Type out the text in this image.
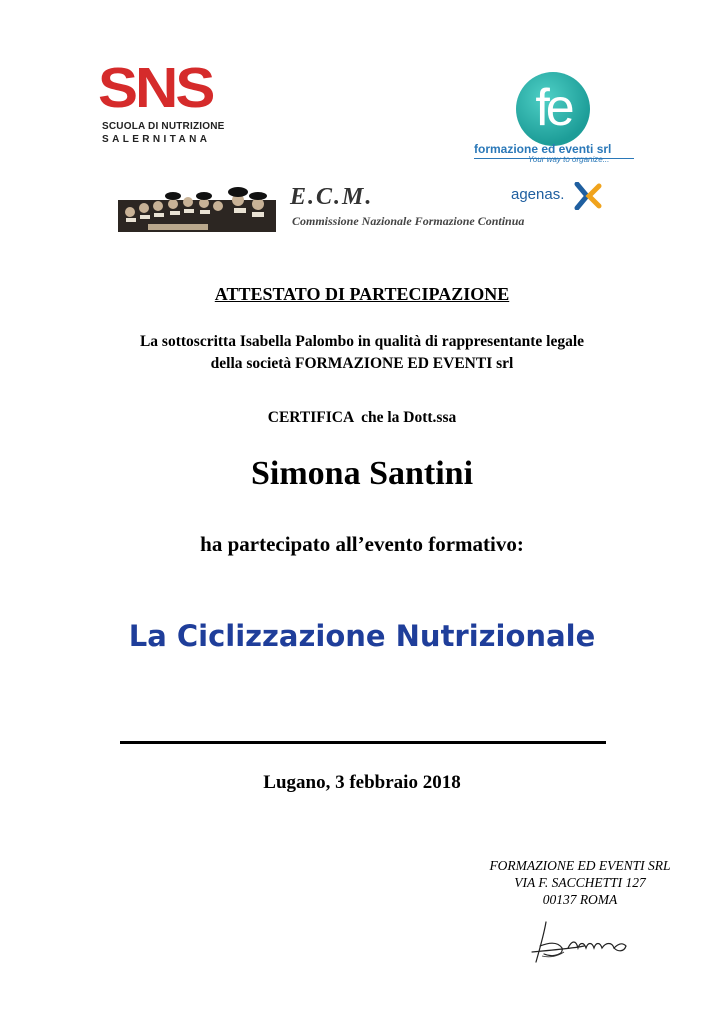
SNS
SCUOLA DI NUTRIZIONE
SALERNITANA
fe
formazione ed eventi srl
Your way to organize...
E.C.M.
Commissione Nazionale Formazione Continua
agenas.
ATTESTATO DI PARTECIPAZIONE
La sottoscritta Isabella Palombo in qualità di rappresentante legale
della società FORMAZIONE ED EVENTI srl
CERTIFICA  che la Dott.ssa
Simona Santini
ha partecipato all’evento formativo:
La Ciclizzazione Nutrizionale
Lugano, 3 febbraio 2018
FORMAZIONE ED EVENTI SRL
VIA F. SACCHETTI 127
00137 ROMA
